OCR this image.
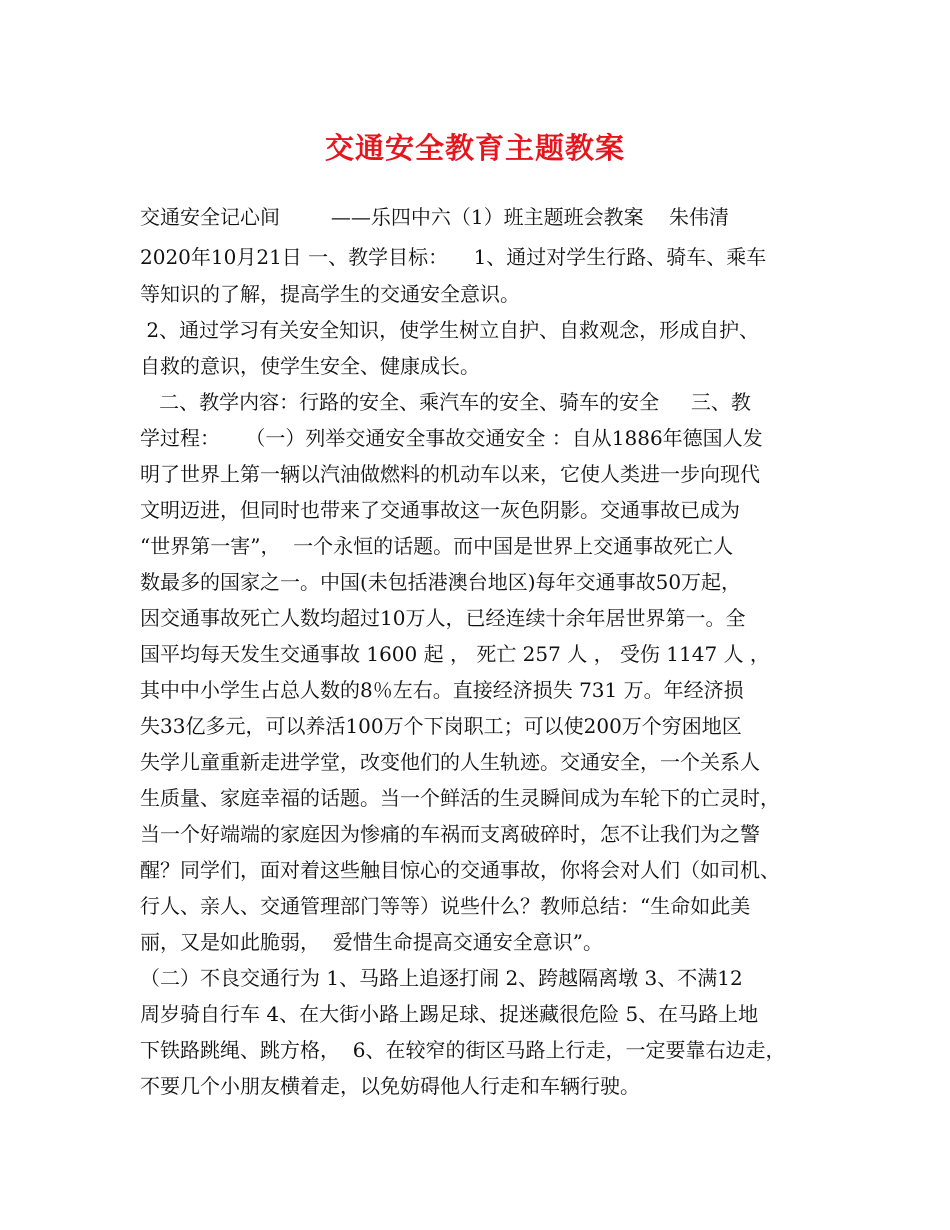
交通安全教育主题教案
交通安全记心间        ——乐四中六（1）班主题班会教案    朱伟清
2020年10月21日 一、教学目标：    1、通过对学生行路、骑车、乘车
等知识的了解，提高学生的交通安全意识。
2、通过学习有关安全知识，使学生树立自护、自救观念，形成自护、
自救的意识，使学生安全、健康成长。
二、教学内容：行路的安全、乘汽车的安全、骑车的安全     三、教
学过程：    （一）列举交通安全事故交通安全 ：自从1886年德国人发
明了世界上第一辆以汽油做燃料的机动车以来，它使人类进一步向现代
文明迈进，但同时也带来了交通事故这一灰色阴影。交通事故已成为
“世界第一害”，  一个永恒的话题。而中国是世界上交通事故死亡人
数最多的国家之一。中国(未包括港澳台地区)每年交通事故50万起，
因交通事故死亡人数均超过10万人，已经连续十余年居世界第一。全
国平均每天发生交通事故 1600 起 ， 死亡 257 人 ， 受伤 1147 人 ，
其中中小学生占总人数的8％左右。直接经济损失 731 万。年经济损
失33亿多元，可以养活100万个下岗职工；可以使200万个穷困地区
失学儿童重新走进学堂，改变他们的人生轨迹。交通安全，一个关系人
生质量、家庭幸福的话题。当一个鲜活的生灵瞬间成为车轮下的亡灵时，
当一个好端端的家庭因为惨痛的车祸而支离破碎时，怎不让我们为之警
醒？同学们，面对着这些触目惊心的交通事故，你将会对人们（如司机、
行人、亲人、交通管理部门等等）说些什么？教师总结：“生命如此美
丽，又是如此脆弱，  爱惜生命提高交通安全意识”。
（二）不良交通行为 1、马路上追逐打闹 2、跨越隔离墩 3、不满12
周岁骑自行车 4、在大街小路上踢足球、捉迷藏很危险 5、在马路上地
下铁路跳绳、跳方格，  6、在较窄的街区马路上行走，一定要靠右边走，
不要几个小朋友横着走，以免妨碍他人行走和车辆行驶。
